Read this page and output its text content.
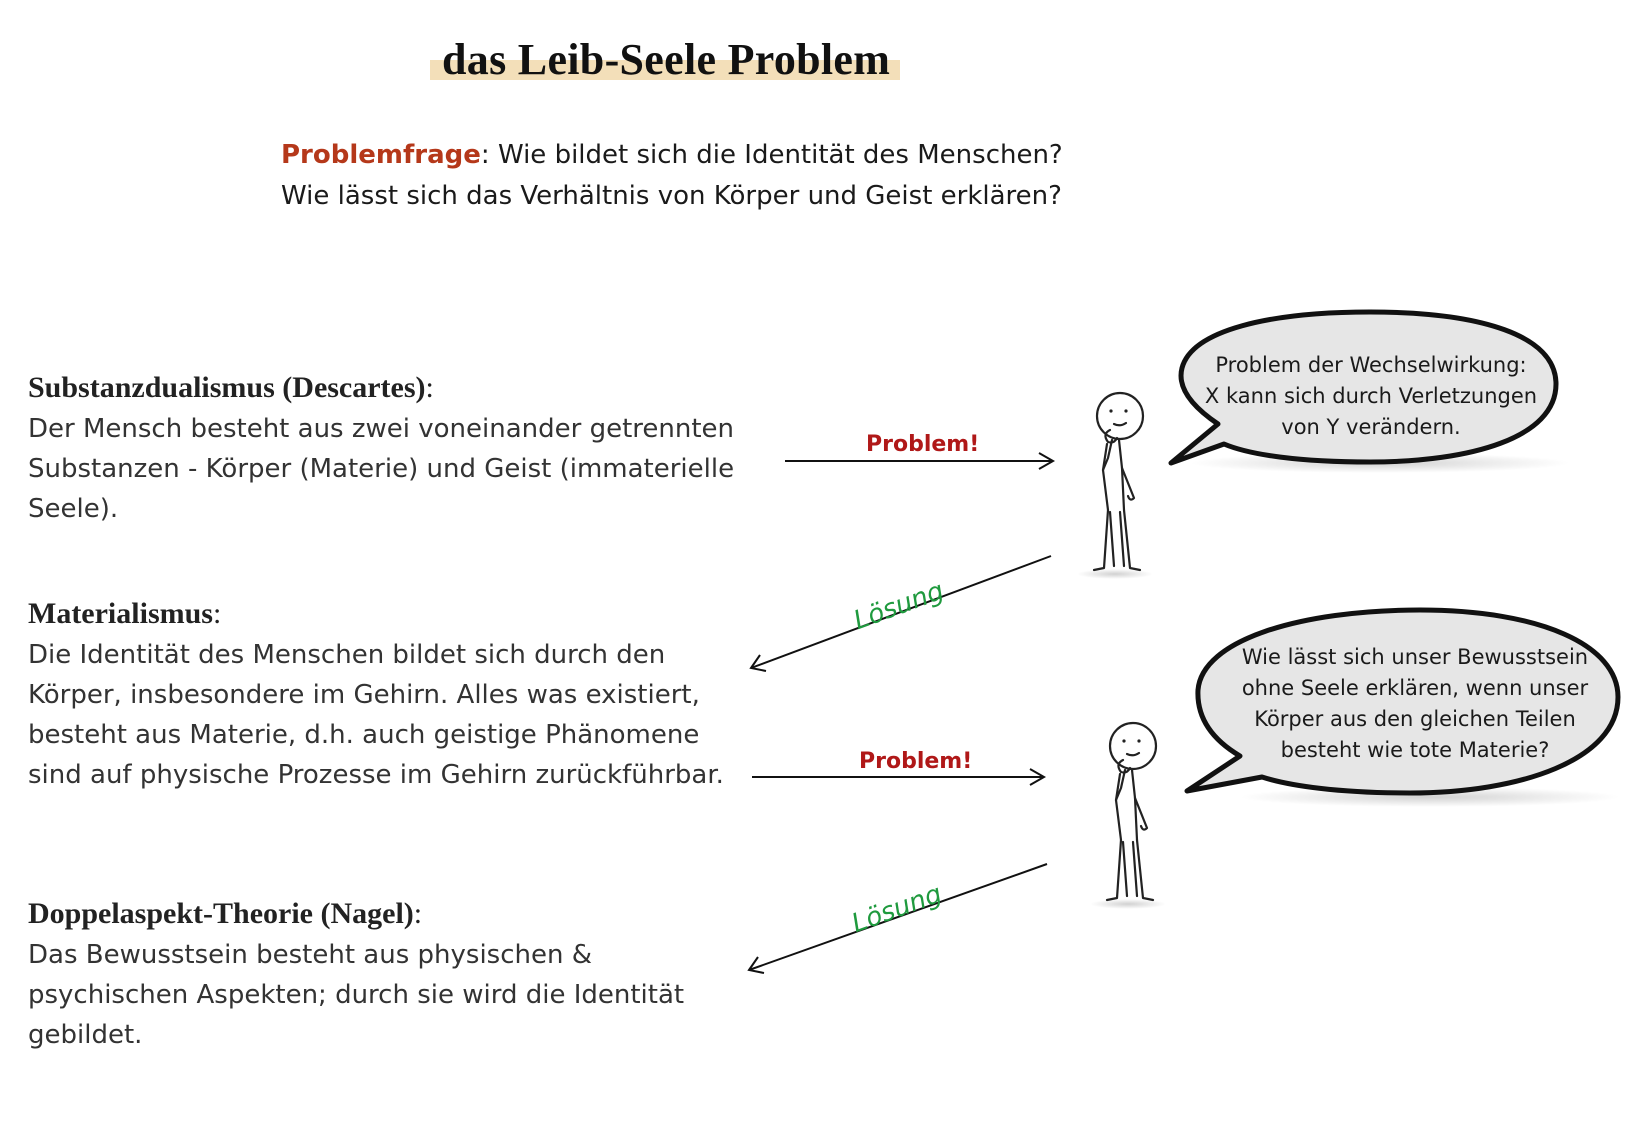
das Leib-Seele Problem
Problemfrage: Wie bildet sich die Identität des Menschen?
Wie lässt sich das Verhältnis von Körper und Geist erklären?
Substanzdualismus (Descartes):
Der Mensch besteht aus zwei voneinander getrennten
Substanzen - Körper (Materie) und Geist (immaterielle
Seele).
Materialismus:
Die Identität des Menschen bildet sich durch den
Körper, insbesondere im Gehirn. Alles was existiert,
besteht aus Materie, d.h. auch geistige Phänomene
sind auf physische Prozesse im Gehirn zurückführbar.
Doppelaspekt-Theorie (Nagel):
Das Bewusstsein besteht aus physischen &
psychischen Aspekten; durch sie wird die Identität
gebildet.
Problem der Wechselwirkung:
X kann sich durch Verletzungen
von Y verändern.
Wie lässt sich unser Bewusstsein
ohne Seele erklären, wenn unser
Körper aus den gleichen Teilen
besteht wie tote Materie?
Problem!
Problem!
Lösung
Lösung
